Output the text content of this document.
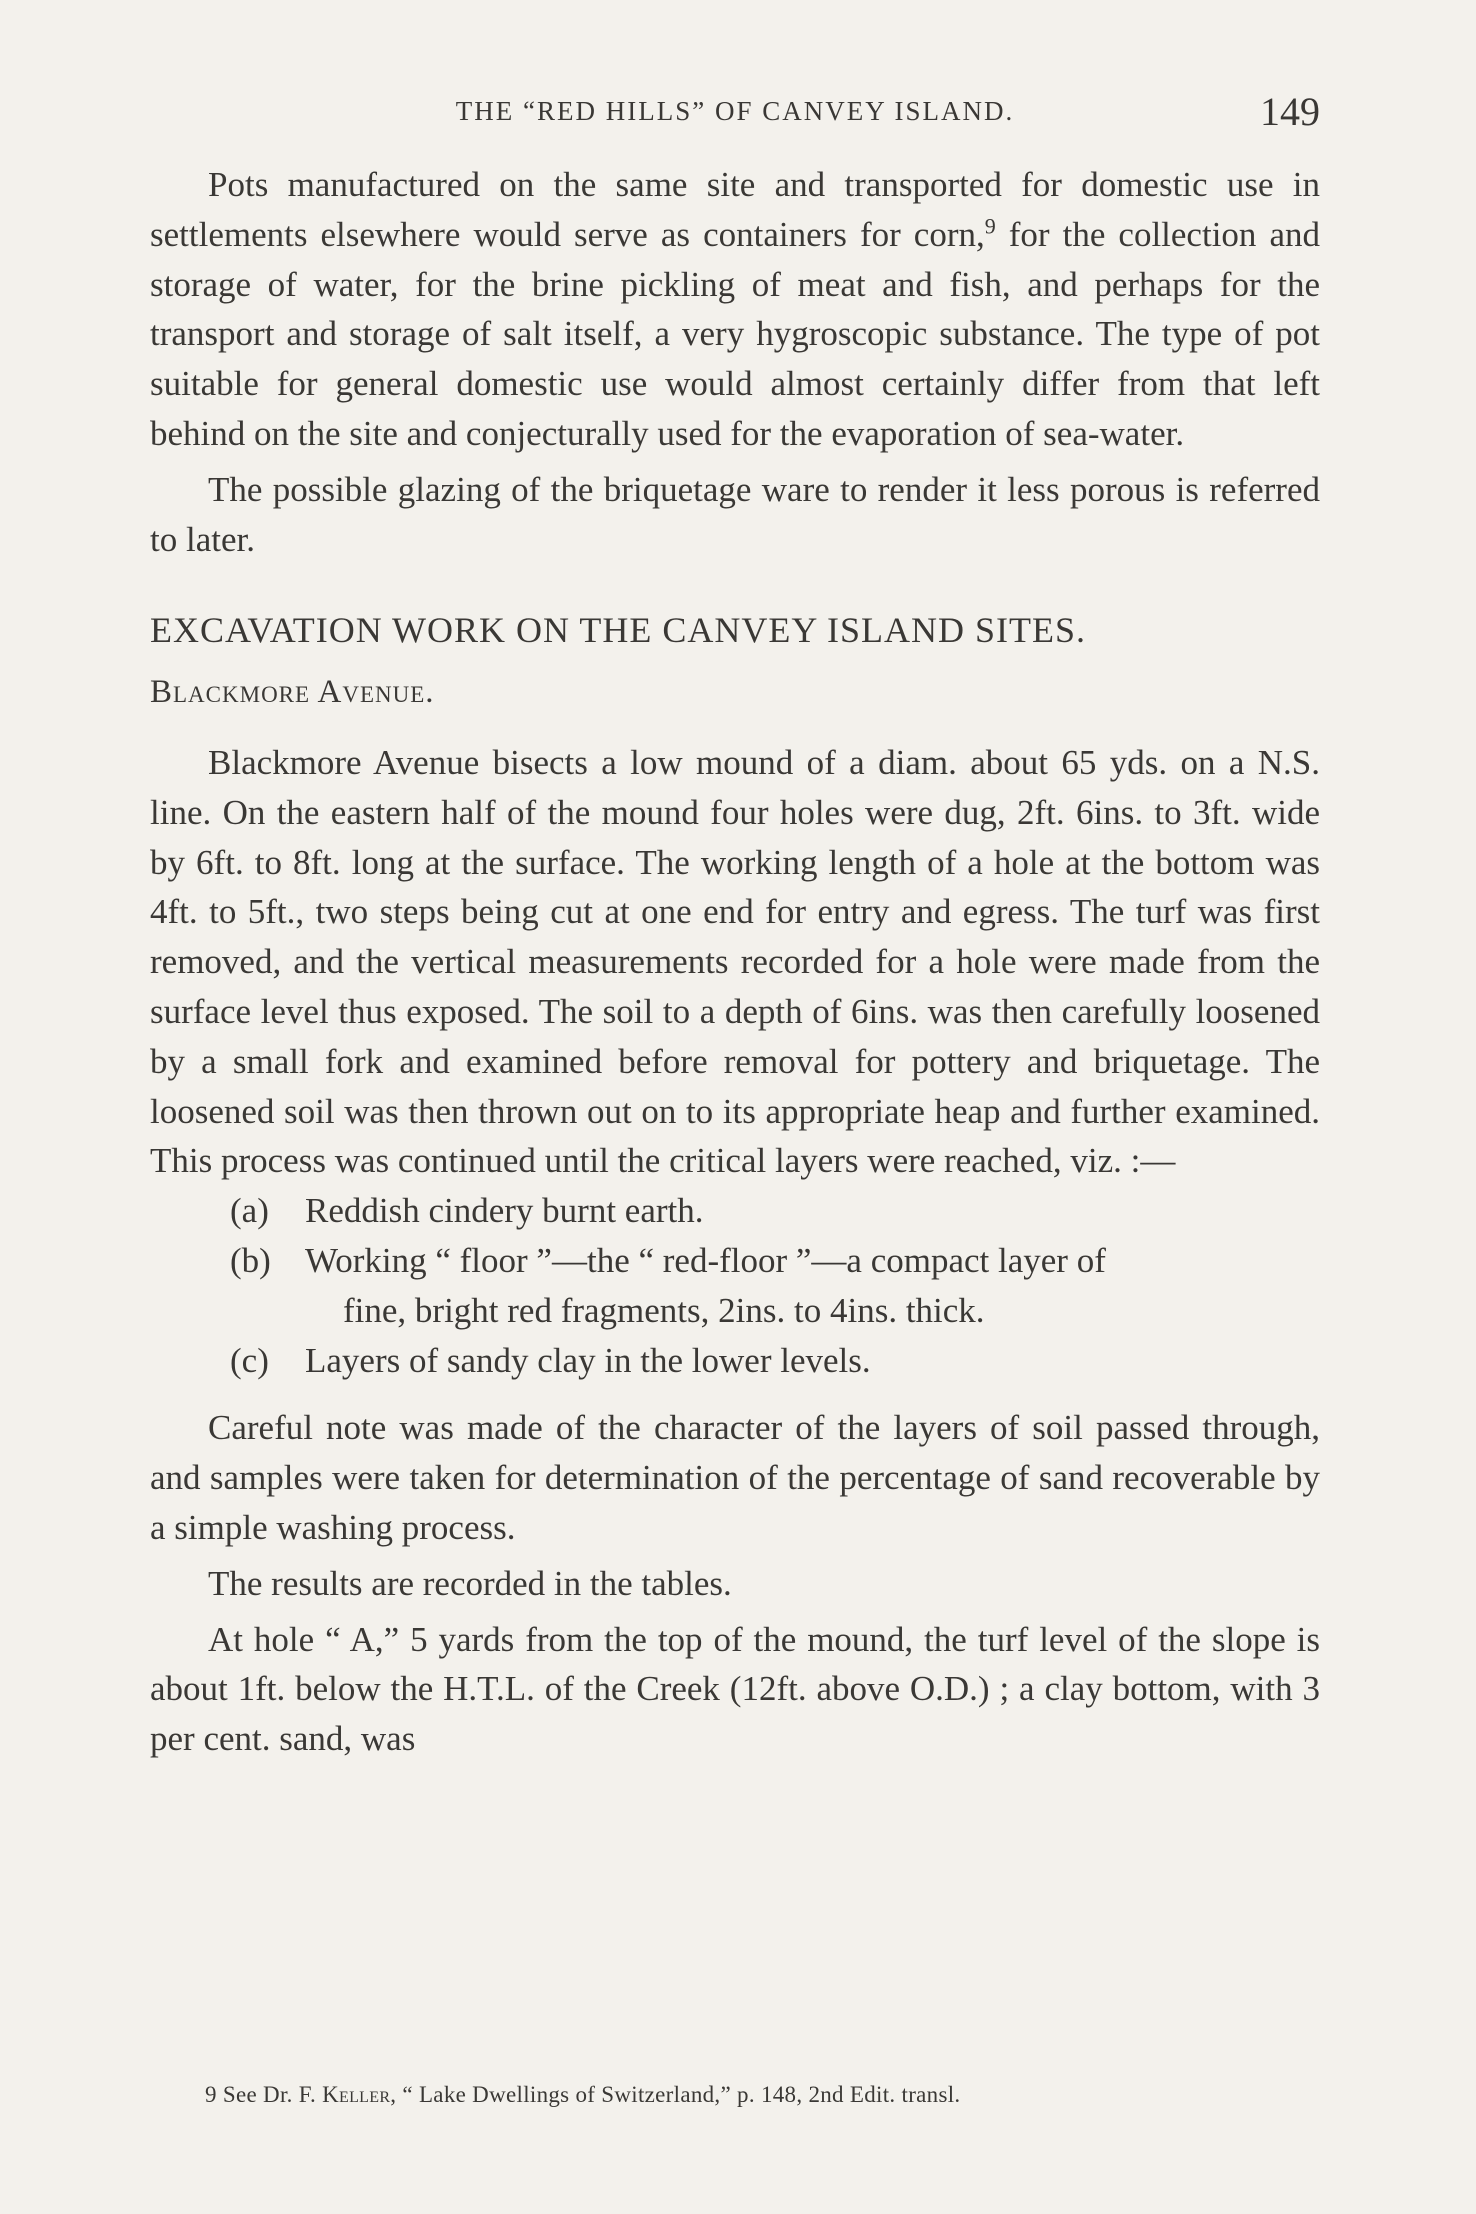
THE “RED HILLS” OF CANVEY ISLAND.	149

Pots manufactured on the same site and transported for domestic use in settlements elsewhere would serve as containers for corn,$^9$ for the collection and storage of water, for the brine pickling of meat and fish, and perhaps for the transport and storage of salt itself, a very hygroscopic substance. The type of pot suitable for general domestic use would almost certainly differ from that left behind on the site and conjecturally used for the evaporation of sea-water.

The possible glazing of the briquetage ware to render it less porous is referred to later.

EXCAVATION WORK ON THE CANVEY ISLAND SITES.

Blackmore Avenue.

Blackmore Avenue bisects a low mound of a diam. about 65 yds. on a N.S. line. On the eastern half of the mound four holes were dug, 2ft. 6ins. to 3ft. wide by 6ft. to 8ft. long at the surface. The working length of a hole at the bottom was 4ft. to 5ft., two steps being cut at one end for entry and egress. The turf was first removed, and the vertical measurements recorded for a hole were made from the surface level thus exposed. The soil to a depth of 6ins. was then carefully loosened by a small fork and examined before removal for pottery and briquetage. The loosened soil was then thrown out on to its appropriate heap and further examined. This process was continued until the critical layers were reached, viz. :—

(a) Reddish cindery burnt earth.
(b) Working “ floor ”—the “ red-floor ”—a compact layer of
fine, bright red fragments, 2ins. to 4ins. thick.
(c) Layers of sandy clay in the lower levels.

Careful note was made of the character of the layers of soil passed through, and samples were taken for determination of the percentage of sand recoverable by a simple washing process.

The results are recorded in the tables.

At hole “ A,” 5 yards from the top of the mound, the turf level of the slope is about 1ft. below the H.T.L. of the Creek (12ft. above O.D.) ; a clay bottom, with 3 per cent. sand, was

9 See Dr. F. Keller, “ Lake Dwellings of Switzerland,” p. 148, 2nd Edit. transl.
